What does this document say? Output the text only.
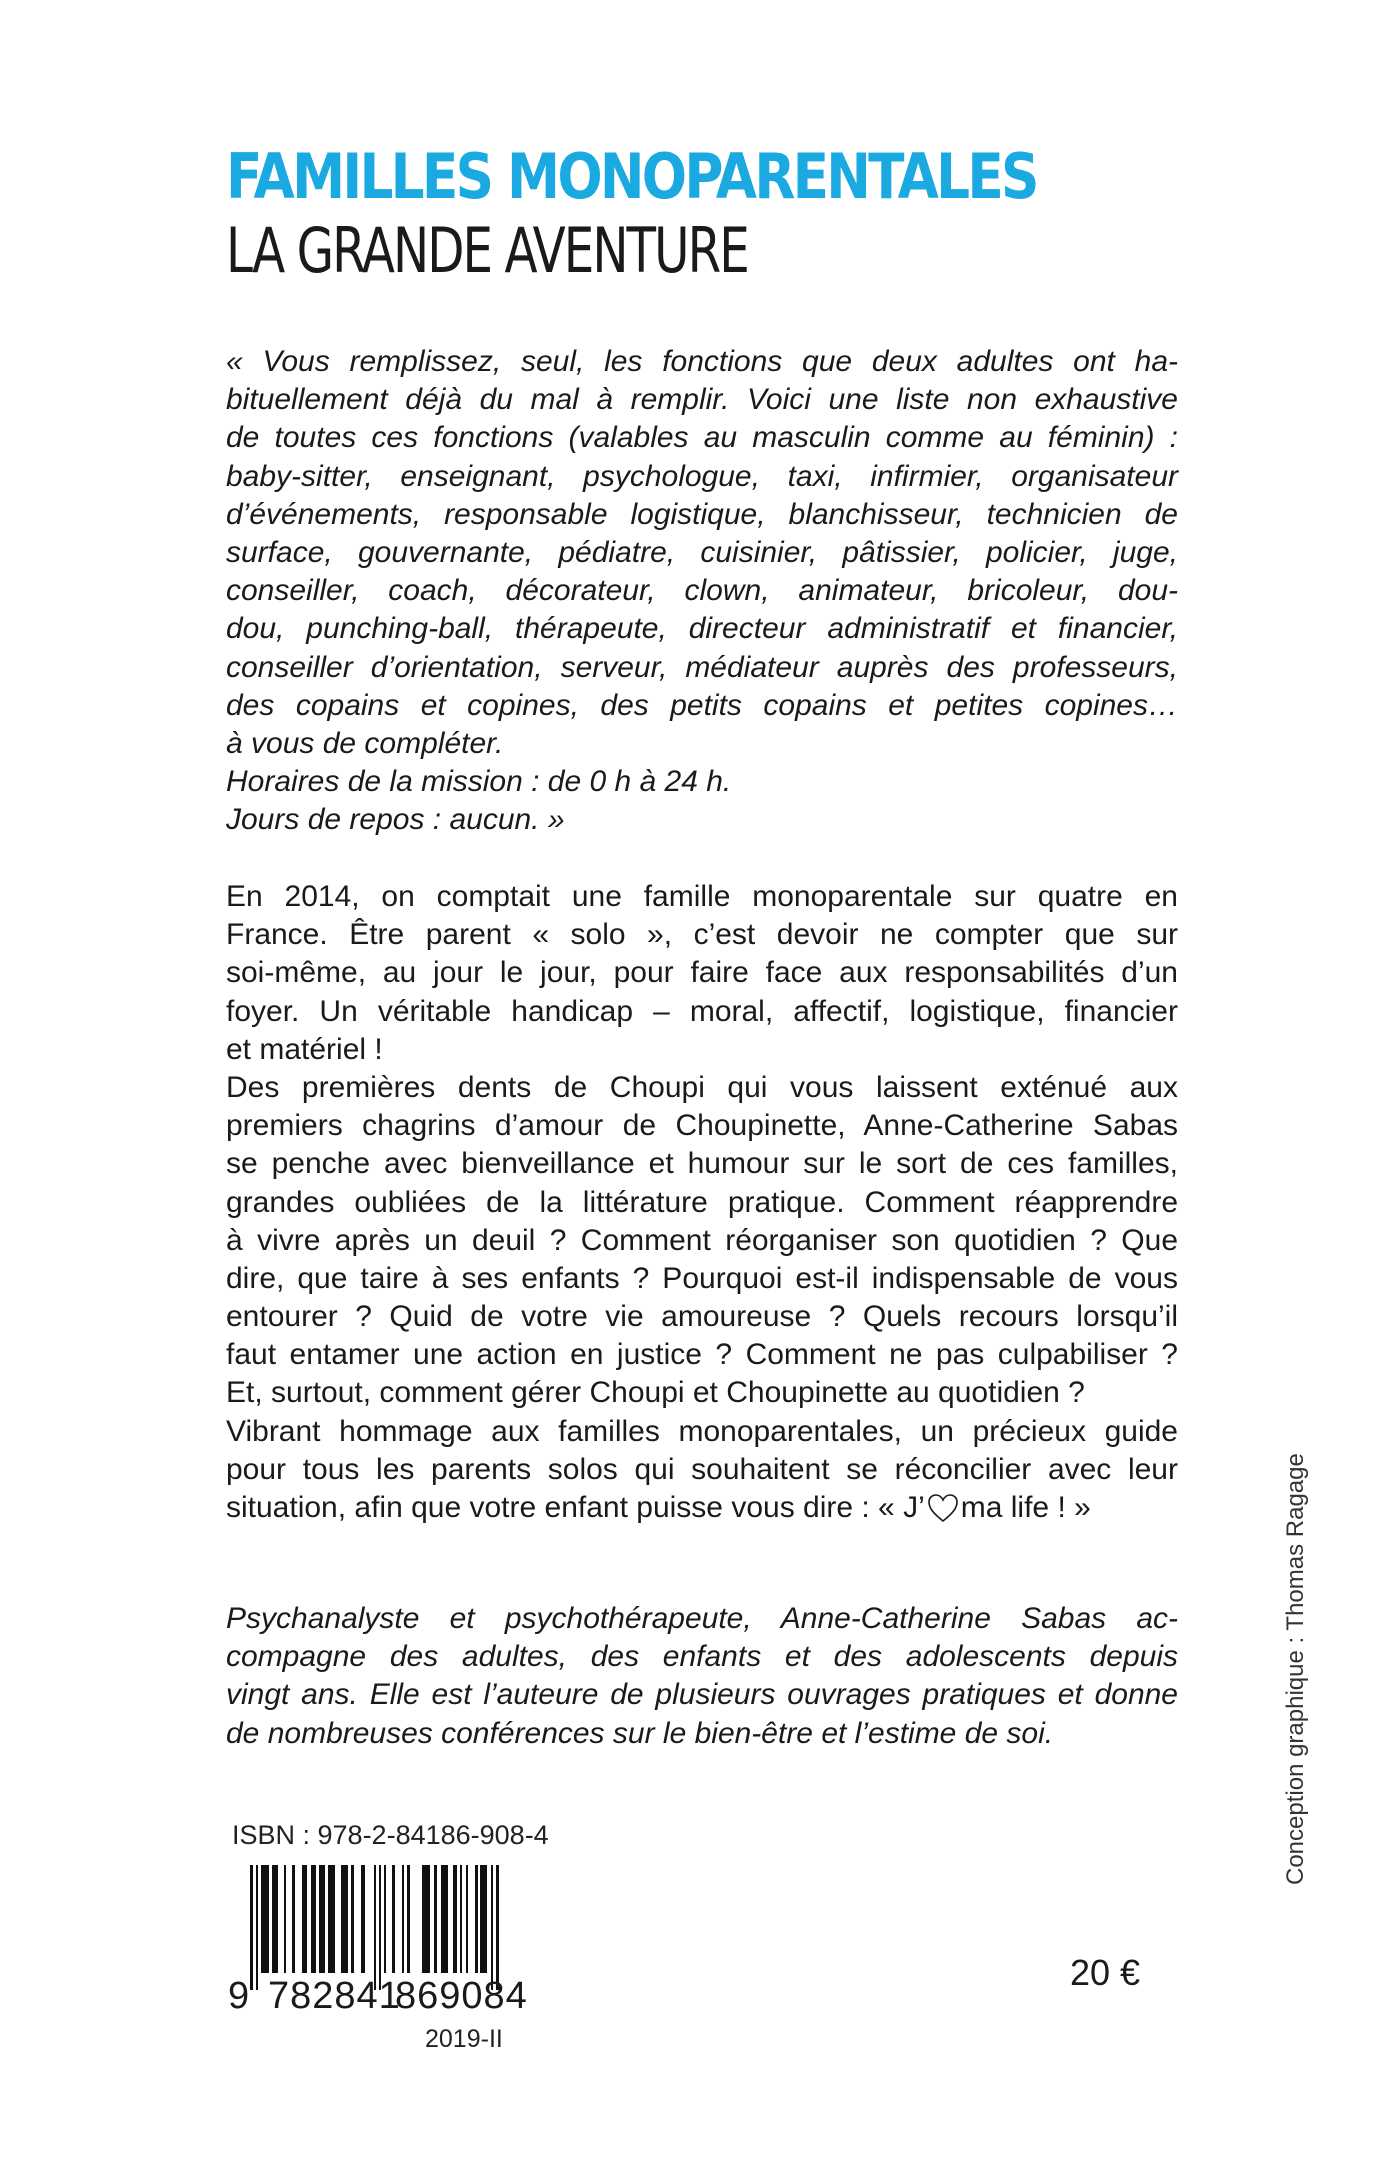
FAMILLES MONOPARENTALES
LA GRANDE AVENTURE
« Vous remplissez, seul, les fonctions que deux adultes ont ha-
bituellement déjà du mal à remplir. Voici une liste non exhaustive
de toutes ces fonctions (valables au masculin comme au féminin) :
baby-sitter, enseignant, psychologue, taxi, infirmier, organisateur
d’événements, responsable logistique, blanchisseur, technicien de
surface, gouvernante, pédiatre, cuisinier, pâtissier, policier, juge,
conseiller, coach, décorateur, clown, animateur, bricoleur, dou-
dou, punching-ball, thérapeute, directeur administratif et financier,
conseiller d’orientation, serveur, médiateur auprès des professeurs,
des copains et copines, des petits copains et petites copines…
à vous de compléter.
Horaires de la mission : de 0 h à 24 h.
Jours de repos : aucun. »
En 2014, on comptait une famille monoparentale sur quatre en
France. Être parent « solo », c’est devoir ne compter que sur
soi-même, au jour le jour, pour faire face aux responsabilités d’un
foyer. Un véritable handicap – moral, affectif, logistique, financier
et matériel !
Des premières dents de Choupi qui vous laissent exténué aux
premiers chagrins d’amour de Choupinette, Anne-Catherine Sabas
se penche avec bienveillance et humour sur le sort de ces familles,
grandes oubliées de la littérature pratique. Comment réapprendre
à vivre après un deuil ? Comment réorganiser son quotidien ? Que
dire, que taire à ses enfants ? Pourquoi est-il indispensable de vous
entourer ? Quid de votre vie amoureuse ? Quels recours lorsqu’il
faut entamer une action en justice ? Comment ne pas culpabiliser ?
Et, surtout, comment gérer Choupi et Choupinette au quotidien ?
Vibrant hommage aux familles monoparentales, un précieux guide
pour tous les parents solos qui souhaitent se réconcilier avec leur
situation, afin que votre enfant puisse vous dire : « J’ ma life ! »
Psychanalyste et psychothérapeute, Anne-Catherine Sabas ac-
compagne des adultes, des enfants et des adolescents depuis
vingt ans. Elle est l’auteure de plusieurs ouvrages pratiques et donne
de nombreuses conférences sur le bien-être et l’estime de soi.
ISBN : 978-2-84186-908-4
9 782841
869084
2019-II
20 €
Conception graphique : Thomas Ragage
